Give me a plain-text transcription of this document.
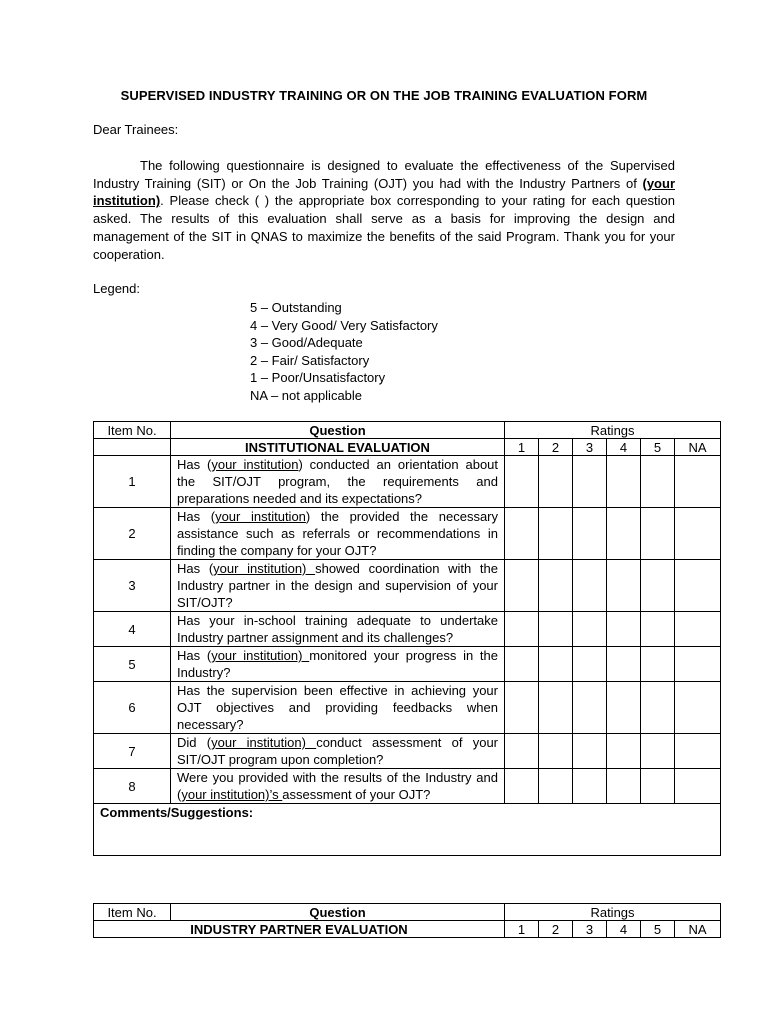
SUPERVISED INDUSTRY TRAINING OR ON THE JOB TRAINING EVALUATION FORM
Dear Trainees:
The following questionnaire is designed to evaluate the effectiveness of the Supervised Industry Training (SIT) or On the Job Training (OJT) you had with the Industry Partners of (your institution). Please check ( ) the appropriate box corresponding to your rating for each question asked. The results of this evaluation shall serve as a basis for improving the design and management of the SIT in QNAS to maximize the benefits of the said Program. Thank you for your cooperation.
Legend:
5 – Outstanding
4 – Very Good/ Very Satisfactory
3 – Good/Adequate
2 – Fair/ Satisfactory
1 – Poor/Unsatisfactory
NA – not applicable
Item No.	Question	Ratings					
	INSTITUTIONAL EVALUATION	1	2	3	4	5	NA
1	Has (your institution) conducted an orientation about the SIT/OJT program, the requirements and preparations needed and its expectations?						
2	Has (your institution) the provided the necessary assistance such as referrals or recommendations in finding the company for your OJT?						
3	Has (your institution) showed coordination with the Industry partner in the design and supervision of your SIT/OJT?						
4	Has your in-school training adequate to undertake Industry partner assignment and its challenges?						
5	Has (your institution) monitored your progress in the Industry?						
6	Has the supervision been effective in achieving your OJT objectives and providing feedbacks when necessary?						
7	Did (your institution) conduct assessment of your SIT/OJT program upon completion?						
8	Were you provided with the results of the Industry and (your institution)’s assessment of your OJT?						
Comments/Suggestions:							
Item No.	Question	Ratings					
INDUSTRY PARTNER EVALUATION		1	2	3	4	5	NA
